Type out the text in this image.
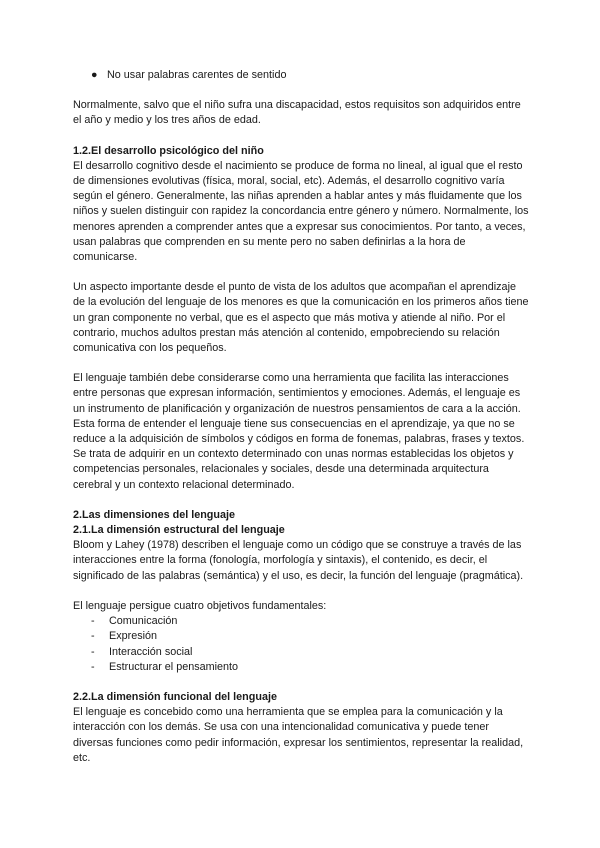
● No usar palabras carentes de sentido

Normalmente, salvo que el niño sufra una discapacidad, estos requisitos son adquiridos entre el año y medio y los tres años de edad.

1.2.El desarrollo psicológico del niño

El desarrollo cognitivo desde el nacimiento se produce de forma no lineal, al igual que el resto de dimensiones evolutivas (física, moral, social, etc). Además, el desarrollo cognitivo varía según el género. Generalmente, las niñas aprenden a hablar antes y más fluidamente que los niños y suelen distinguir con rapidez la concordancia entre género y número. Normalmente, los menores aprenden a comprender antes que a expresar sus conocimientos. Por tanto, a veces, usan palabras que comprenden en su mente pero no saben definirlas a la hora de comunicarse.

Un aspecto importante desde el punto de vista de los adultos que acompañan el aprendizaje de la evolución del lenguaje de los menores es que la comunicación en los primeros años tiene un gran componente no verbal, que es el aspecto que más motiva y atiende al niño. Por el contrario, muchos adultos prestan más atención al contenido, empobreciendo su relación comunicativa con los pequeños.

El lenguaje también debe considerarse como una herramienta que facilita las interacciones entre personas que expresan información, sentimientos y emociones. Además, el lenguaje es un instrumento de planificación y organización de nuestros pensamientos de cara a la acción. Esta forma de entender el lenguaje tiene sus consecuencias en el aprendizaje, ya que no se reduce a la adquisición de símbolos y códigos en forma de fonemas, palabras, frases y textos. Se trata de adquirir en un contexto determinado con unas normas establecidas los objetos y competencias personales, relacionales y sociales, desde una determinada arquitectura cerebral y un contexto relacional determinado.

2.Las dimensiones del lenguaje
2.1.La dimensión estructural del lenguaje

Bloom y Lahey (1978) describen el lenguaje como un código que se construye a través de las interacciones entre la forma (fonología, morfología y sintaxis), el contenido, es decir, el significado de las palabras (semántica) y el uso, es decir, la función del lenguaje (pragmática).

El lenguaje persigue cuatro objetivos fundamentales:

-	Comunicación
-	Expresión
-	Interacción social
-	Estructurar el pensamiento
2.2.La dimensión funcional del lenguaje

El lenguaje es concebido como una herramienta que se emplea para la comunicación y la interacción con los demás. Se usa con una intencionalidad comunicativa y puede tener diversas funciones como pedir información, expresar los sentimientos, representar la realidad, etc.
